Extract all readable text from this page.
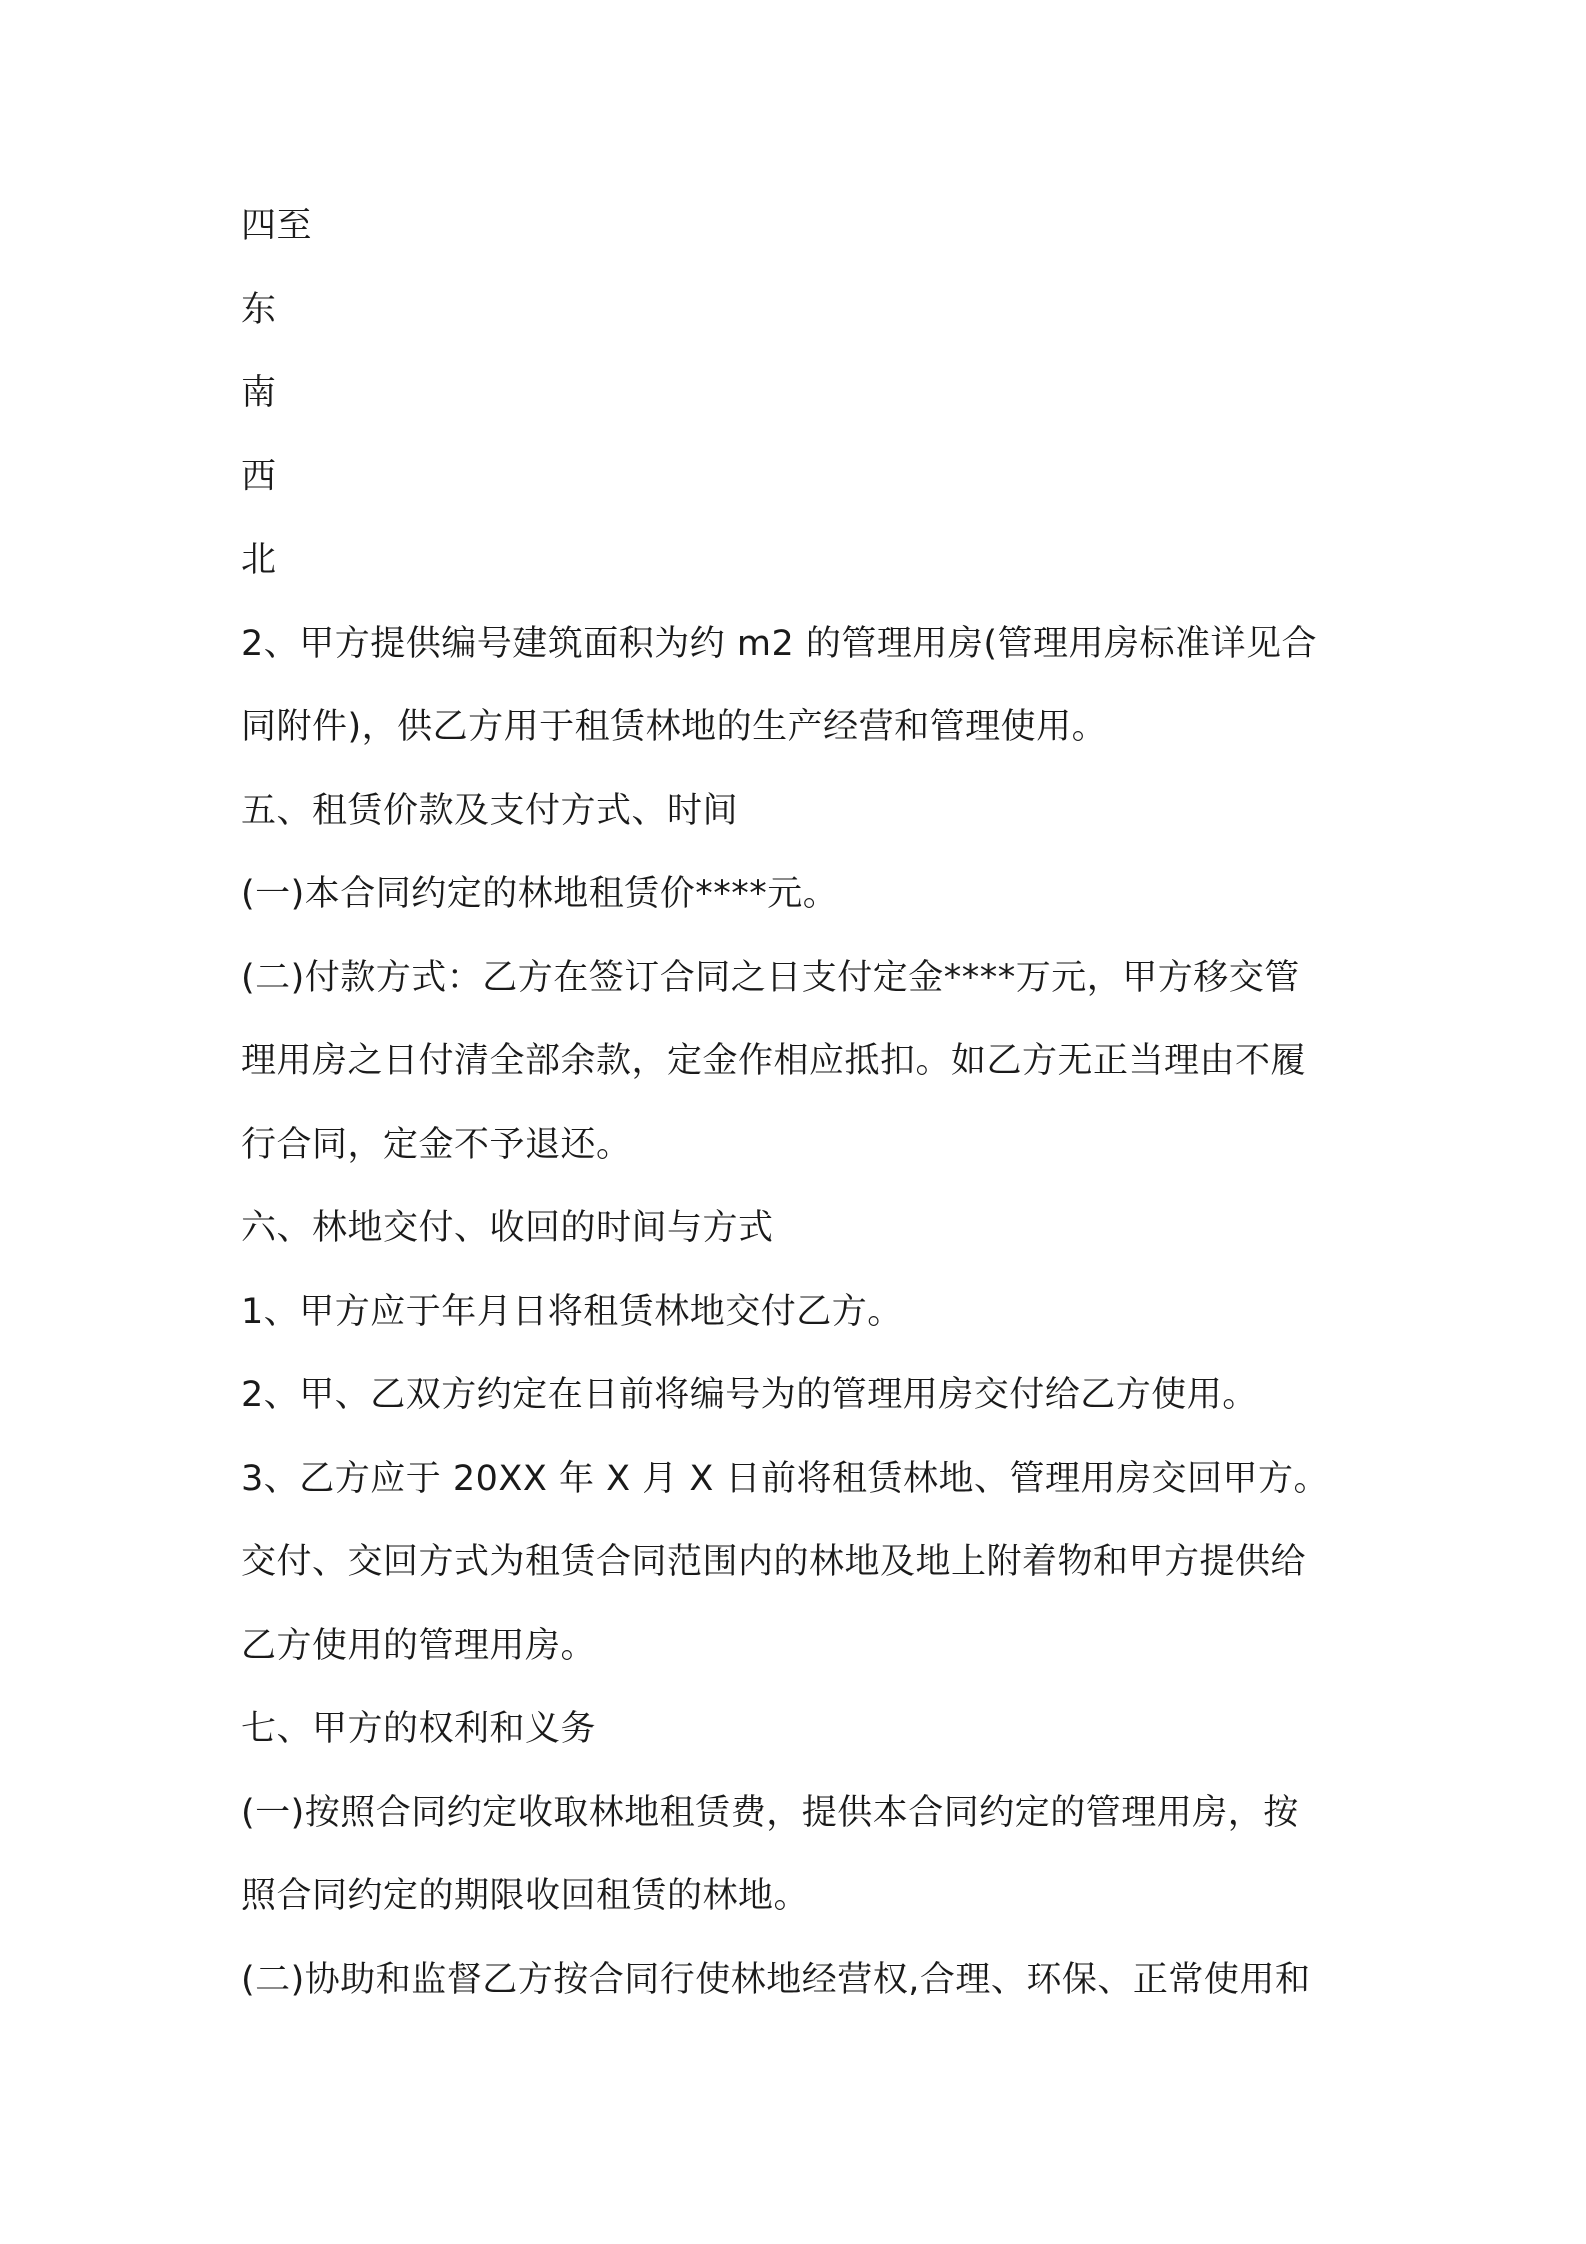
四至
东
南
西
北
2、甲方提供编号建筑面积为约 m2 的管理用房(管理用房标准详见合
同附件)，供乙方用于租赁林地的生产经营和管理使用。
五、租赁价款及支付方式、时间
(一)本合同约定的林地租赁价****元。
(二)付款方式：乙方在签订合同之日支付定金****万元，甲方移交管
理用房之日付清全部余款，定金作相应抵扣。如乙方无正当理由不履
行合同，定金不予退还。
六、林地交付、收回的时间与方式
1、甲方应于年月日将租赁林地交付乙方。
2、甲、乙双方约定在日前将编号为的管理用房交付给乙方使用。
3、乙方应于 20XX 年 X 月 X 日前将租赁林地、管理用房交回甲方。
交付、交回方式为租赁合同范围内的林地及地上附着物和甲方提供给
乙方使用的管理用房。
七、甲方的权利和义务
(一)按照合同约定收取林地租赁费，提供本合同约定的管理用房，按
照合同约定的期限收回租赁的林地。
(二)协助和监督乙方按合同行使林地经营权,合理、环保、正常使用和
